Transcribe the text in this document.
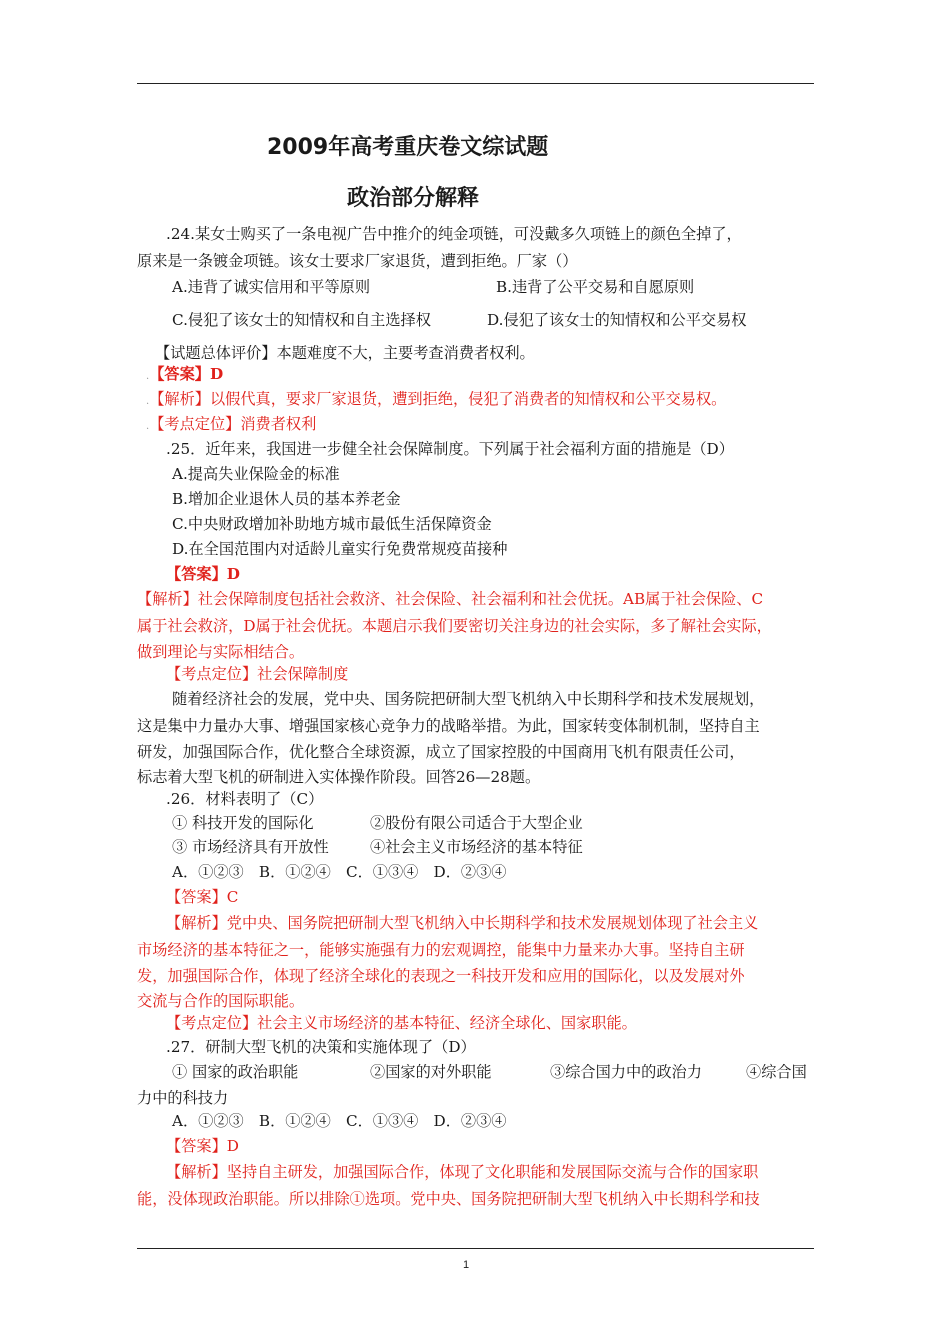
2009年高考重庆卷文综试题
政治部分解释
.24.某女士购买了一条电视广告中推介的纯金项链，可没戴多久项链上的颜色全掉了，
原来是一条镀金项链。该女士要求厂家退货，遭到拒绝。厂家（）
A.违背了诚实信用和平等原则	B.违背了公平交易和自愿原则
C.侵犯了该女士的知情权和自主选择权	D.侵犯了该女士的知情权和公平交易权
【试题总体评价】本题难度不大，主要考查消费者权利。
.【答案】D
.【解析】以假代真，要求厂家退货，遭到拒绝，侵犯了消费者的知情权和公平交易权。
.【考点定位】消费者权利
.25．近年来，我国进一步健全社会保障制度。下列属于社会福利方面的措施是（D）
A.提高失业保险金的标准
B.增加企业退休人员的基本养老金
C.中央财政增加补助地方城市最低生活保障资金
D.在全国范围内对适龄儿童实行免费常规疫苗接种
【答案】D
【解析】社会保障制度包括社会救济、社会保险、社会福利和社会优抚。AB属于社会保险、C
属于社会救济，D属于社会优抚。本题启示我们要密切关注身边的社会实际，多了解社会实际，
做到理论与实际相结合。
【考点定位】社会保障制度
随着经济社会的发展，党中央、国务院把研制大型飞机纳入中长期科学和技术发展规划，
这是集中力量办大事、增强国家核心竞争力的战略举措。为此，国家转变体制机制，坚持自主
研发，加强国际合作，优化整合全球资源，成立了国家控股的中国商用飞机有限责任公司，
标志着大型飞机的研制进入实体操作阶段。回答26—28题。
.26．材料表明了（C）
① 科技开发的国际化	②股份有限公司适合于大型企业
③ 市场经济具有开放性	④社会主义市场经济的基本特征
A．①②③　B．①②④　C．①③④　D．②③④
【答案】C
【解析】党中央、国务院把研制大型飞机纳入中长期科学和技术发展规划体现了社会主义
市场经济的基本特征之一，能够实施强有力的宏观调控，能集中力量来办大事。坚持自主研
发，加强国际合作，体现了经济全球化的表现之一科技开发和应用的国际化，以及发展对外
交流与合作的国际职能。
【考点定位】社会主义市场经济的基本特征、经济全球化、国家职能。
.27．研制大型飞机的决策和实施体现了（D）
① 国家的政治职能	②国家的对外职能	③综合国力中的政治力	④综合国
力中的科技力
A．①②③　B．①②④　C．①③④　D．②③④
【答案】D
【解析】坚持自主研发，加强国际合作，体现了文化职能和发展国际交流与合作的国家职
能，没体现政治职能。所以排除①选项。党中央、国务院把研制大型飞机纳入中长期科学和技
1
